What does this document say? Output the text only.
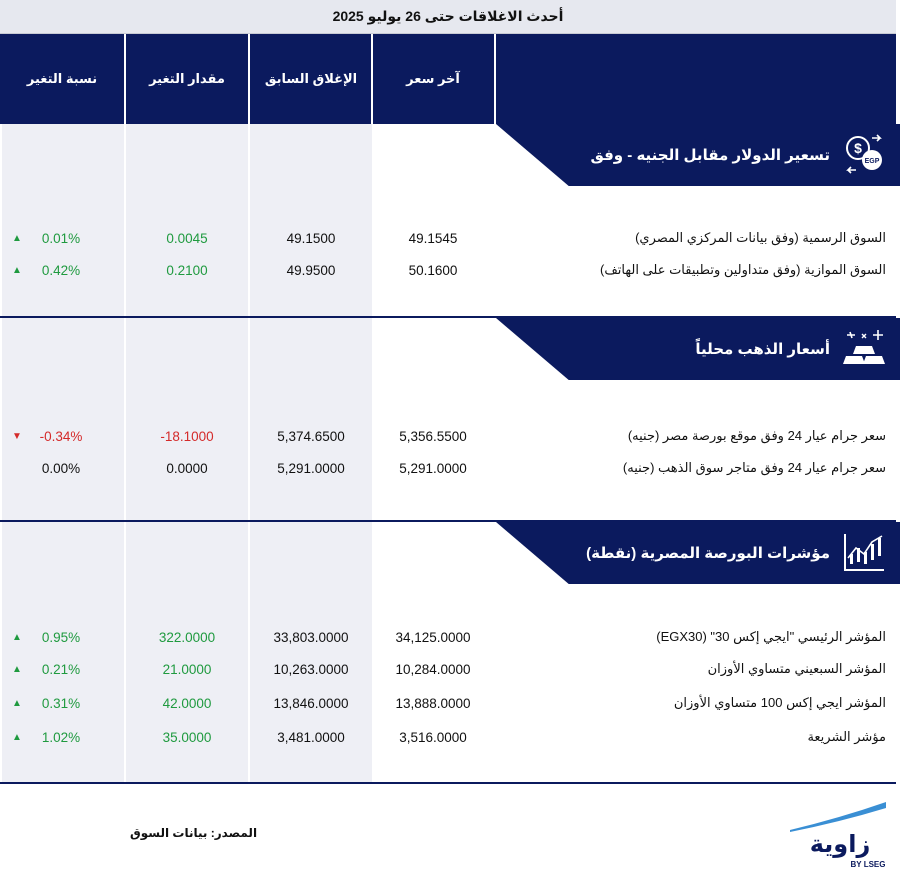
أحدث الاغلاقات حتى 26 يوليو 2025
آخر سعر
الإغلاق السابق
مقدار التغير
نسبة التغير
تسعير الدولار مقابل الجنيه - وفق $
EGP
السوق الرسمية (وفق بيانات المركزي المصري)
49.1545
49.1500
0.0045
0.01%
▲
السوق الموازية (وفق متداولين وتطبيقات على الهاتف)
50.1600
49.9500
0.2100
0.42%
▲
أسعار الذهب محلياً
سعر جرام عيار 24 وفق موقع بورصة مصر (جنيه)
5,356.5500
5,374.6500
-18.1000
-0.34%
▼
سعر جرام عيار 24 وفق متاجر سوق الذهب (جنيه)
5,291.0000
5,291.0000
0.0000
0.00%
مؤشرات البورصة المصرية (نقطة)
المؤشر الرئيسي "ايجي إكس 30" (EGX30)
34,125.0000
33,803.0000
322.0000
0.95%
▲
المؤشر السبعيني متساوي الأوزان
10,284.0000
10,263.0000
21.0000
0.21%
▲
المؤشر ايجي إكس 100 متساوي الأوزان
13,888.0000
13,846.0000
42.0000
0.31%
▲
مؤشر الشريعة
3,516.0000
3,481.0000
35.0000
1.02%
▲
المصدر: بيانات السوق	زاوية
BY LSEG
